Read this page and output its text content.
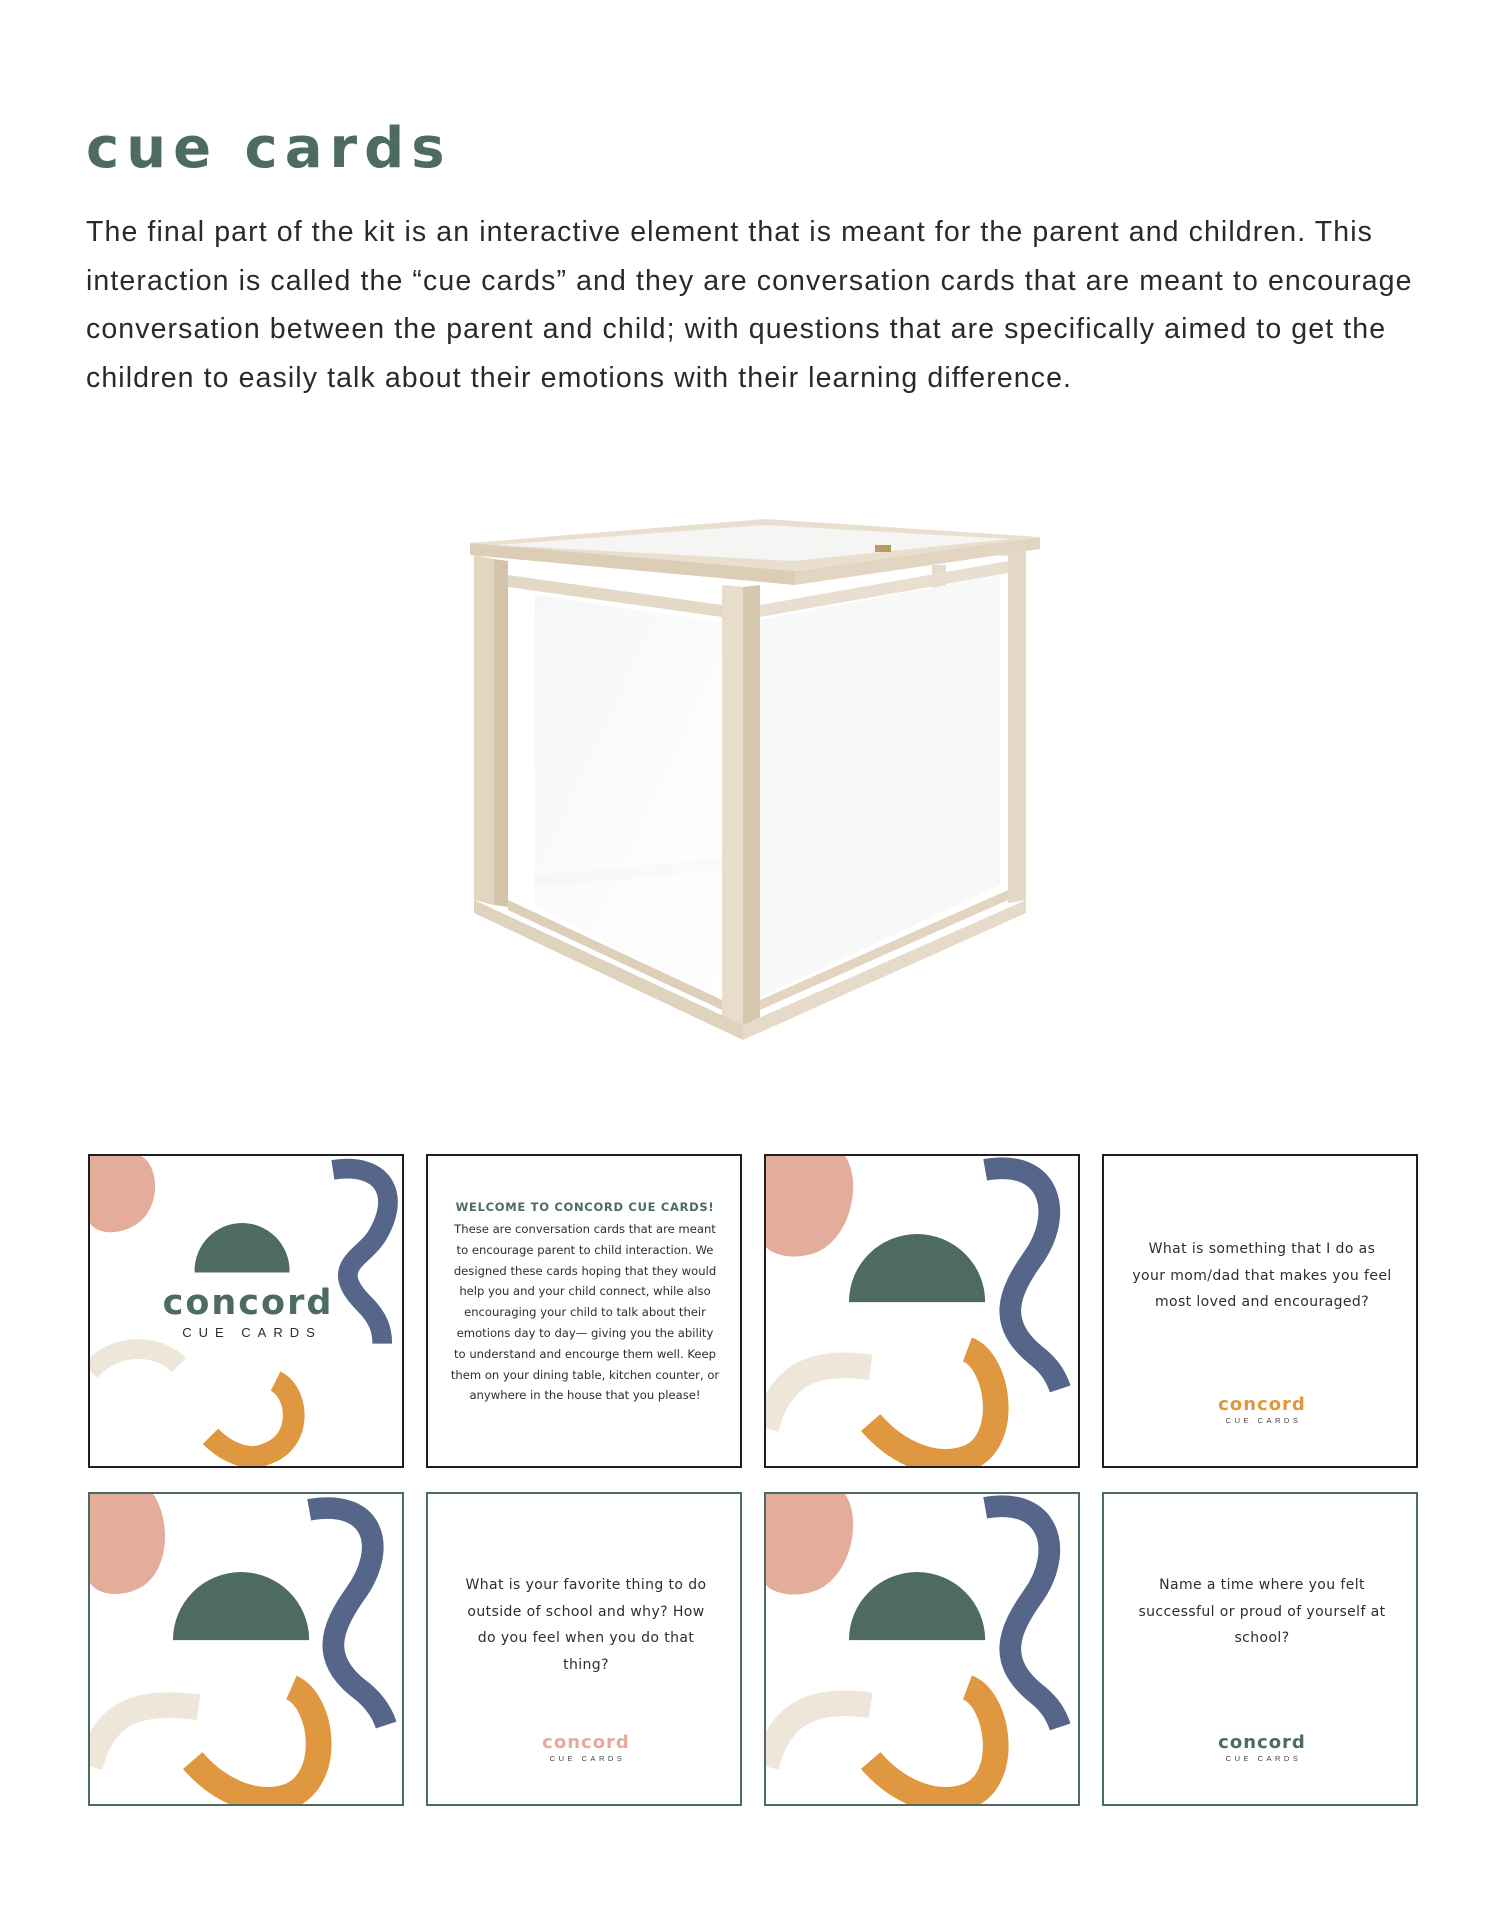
cue cards

The final part of the kit is an interactive element that is meant for the parent and children. This interaction is called the “cue cards” and they are conversation cards that are meant to encourage conversation between the parent and child; with questions that are specifically aimed to get the children to easily talk about their emotions with their learning difference.

concord
CUE CARDS
WELCOME TO CONCORD CUE CARDS!
These are conversation cards that are meant to encourage parent to child interaction. We designed these cards hoping that they would help you and your child connect, while also encouraging your child to talk about their emotions day to day— giving you the ability to understand and encourge them well. Keep them on your dining table, kitchen counter, or anywhere in the house that you please!
What is something that I do as your mom/dad that makes you feel most loved and encouraged?
concord
CUE CARDS
What is your favorite thing to do outside of school and why? How do you feel when you do that thing?
concord
CUE CARDS
Name a time where you felt successful or proud of yourself at school?
concord
CUE CARDS
